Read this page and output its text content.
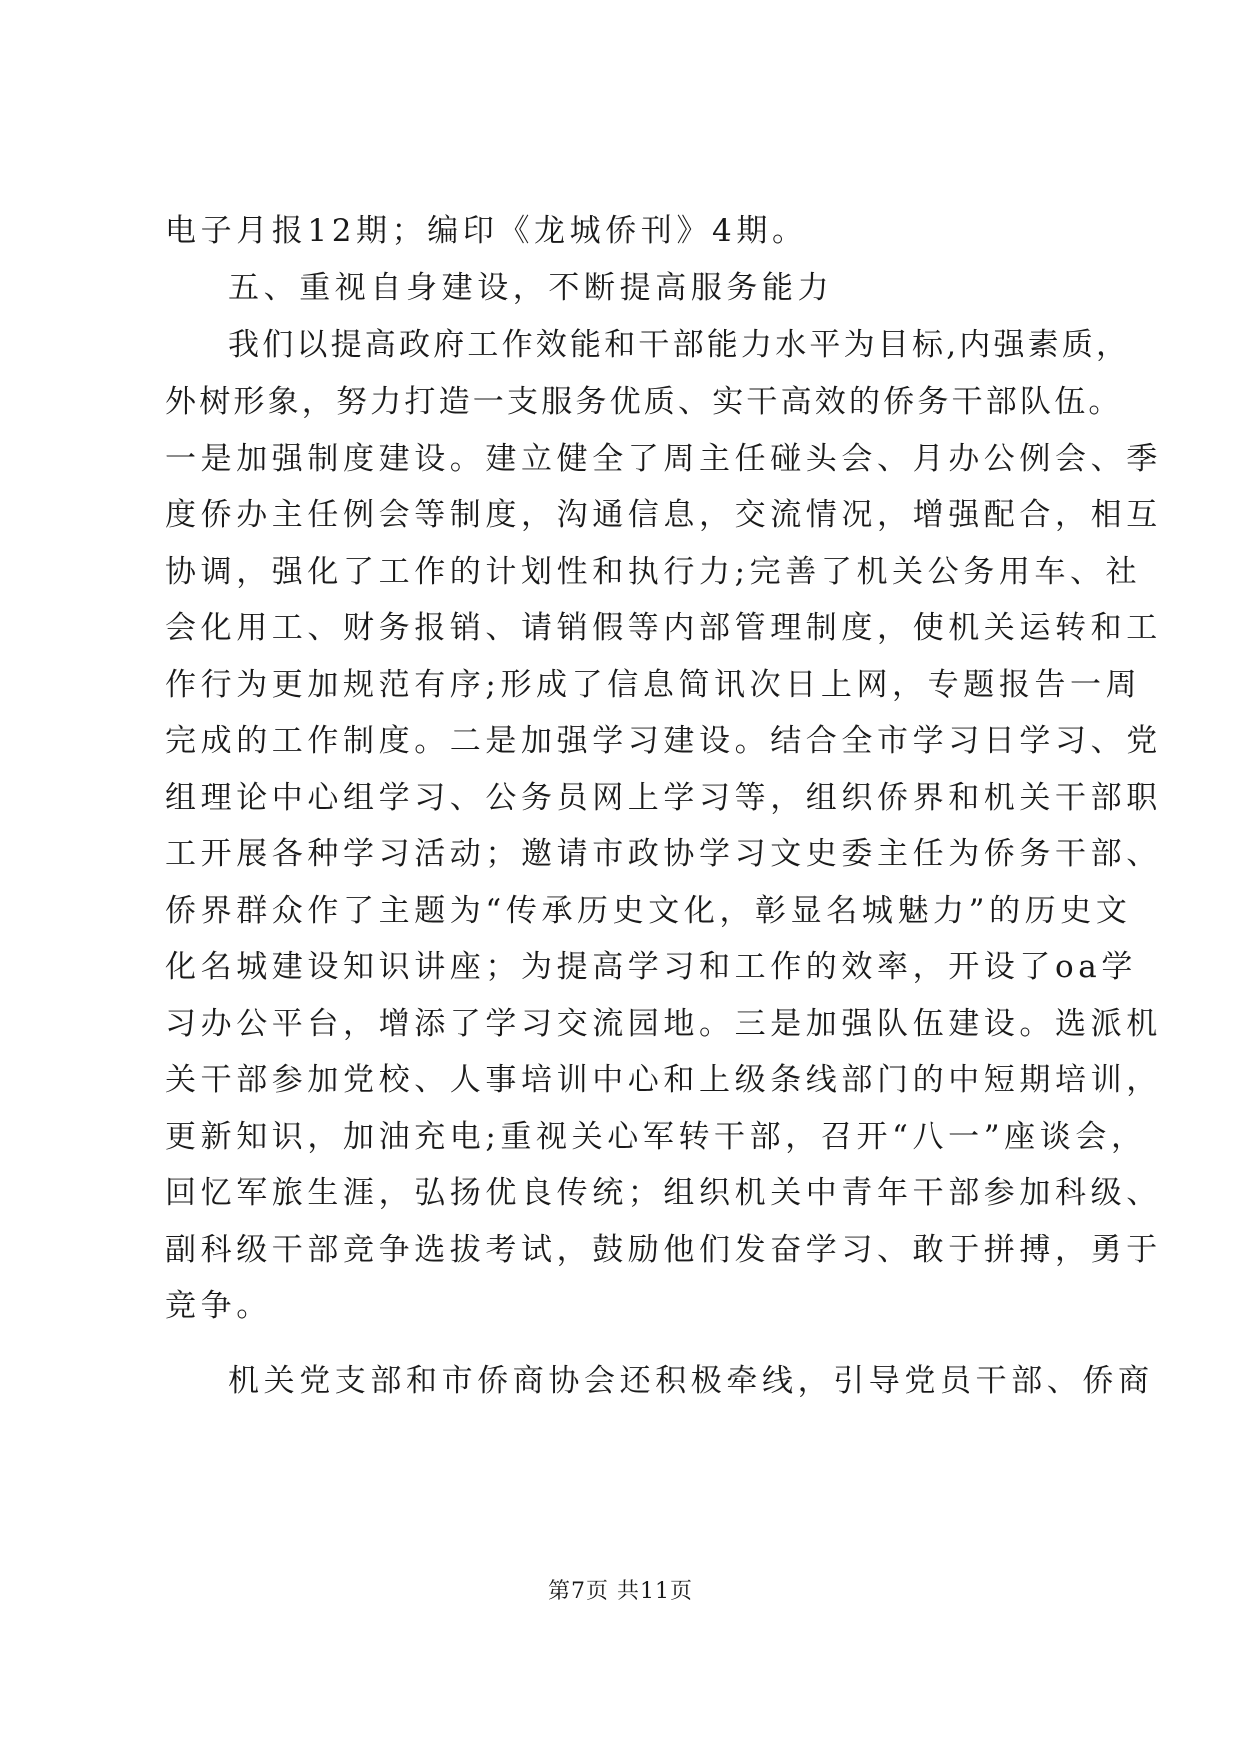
电子月报12期；编印《龙城侨刊》4期。
五、重视自身建设，不断提高服务能力
我们以提高政府工作效能和干部能力水平为目标,内强素质，
外树形象，努力打造一支服务优质、实干高效的侨务干部队伍。
一是加强制度建设。建立健全了周主任碰头会、月办公例会、季
度侨办主任例会等制度，沟通信息，交流情况，增强配合，相互
协调，强化了工作的计划性和执行力;完善了机关公务用车、社
会化用工、财务报销、请销假等内部管理制度，使机关运转和工
作行为更加规范有序;形成了信息简讯次日上网，专题报告一周
完成的工作制度。二是加强学习建设。结合全市学习日学习、党
组理论中心组学习、公务员网上学习等，组织侨界和机关干部职
工开展各种学习活动；邀请市政协学习文史委主任为侨务干部、
侨界群众作了主题为“传承历史文化，彰显名城魅力”的历史文
化名城建设知识讲座；为提高学习和工作的效率，开设了oa学
习办公平台，增添了学习交流园地。三是加强队伍建设。选派机
关干部参加党校、人事培训中心和上级条线部门的中短期培训，
更新知识，加油充电;重视关心军转干部，召开“八一”座谈会，
回忆军旅生涯，弘扬优良传统；组织机关中青年干部参加科级、
副科级干部竞争选拔考试，鼓励他们发奋学习、敢于拼搏，勇于
竞争。
机关党支部和市侨商协会还积极牵线，引导党员干部、侨商
第7页 共11页
